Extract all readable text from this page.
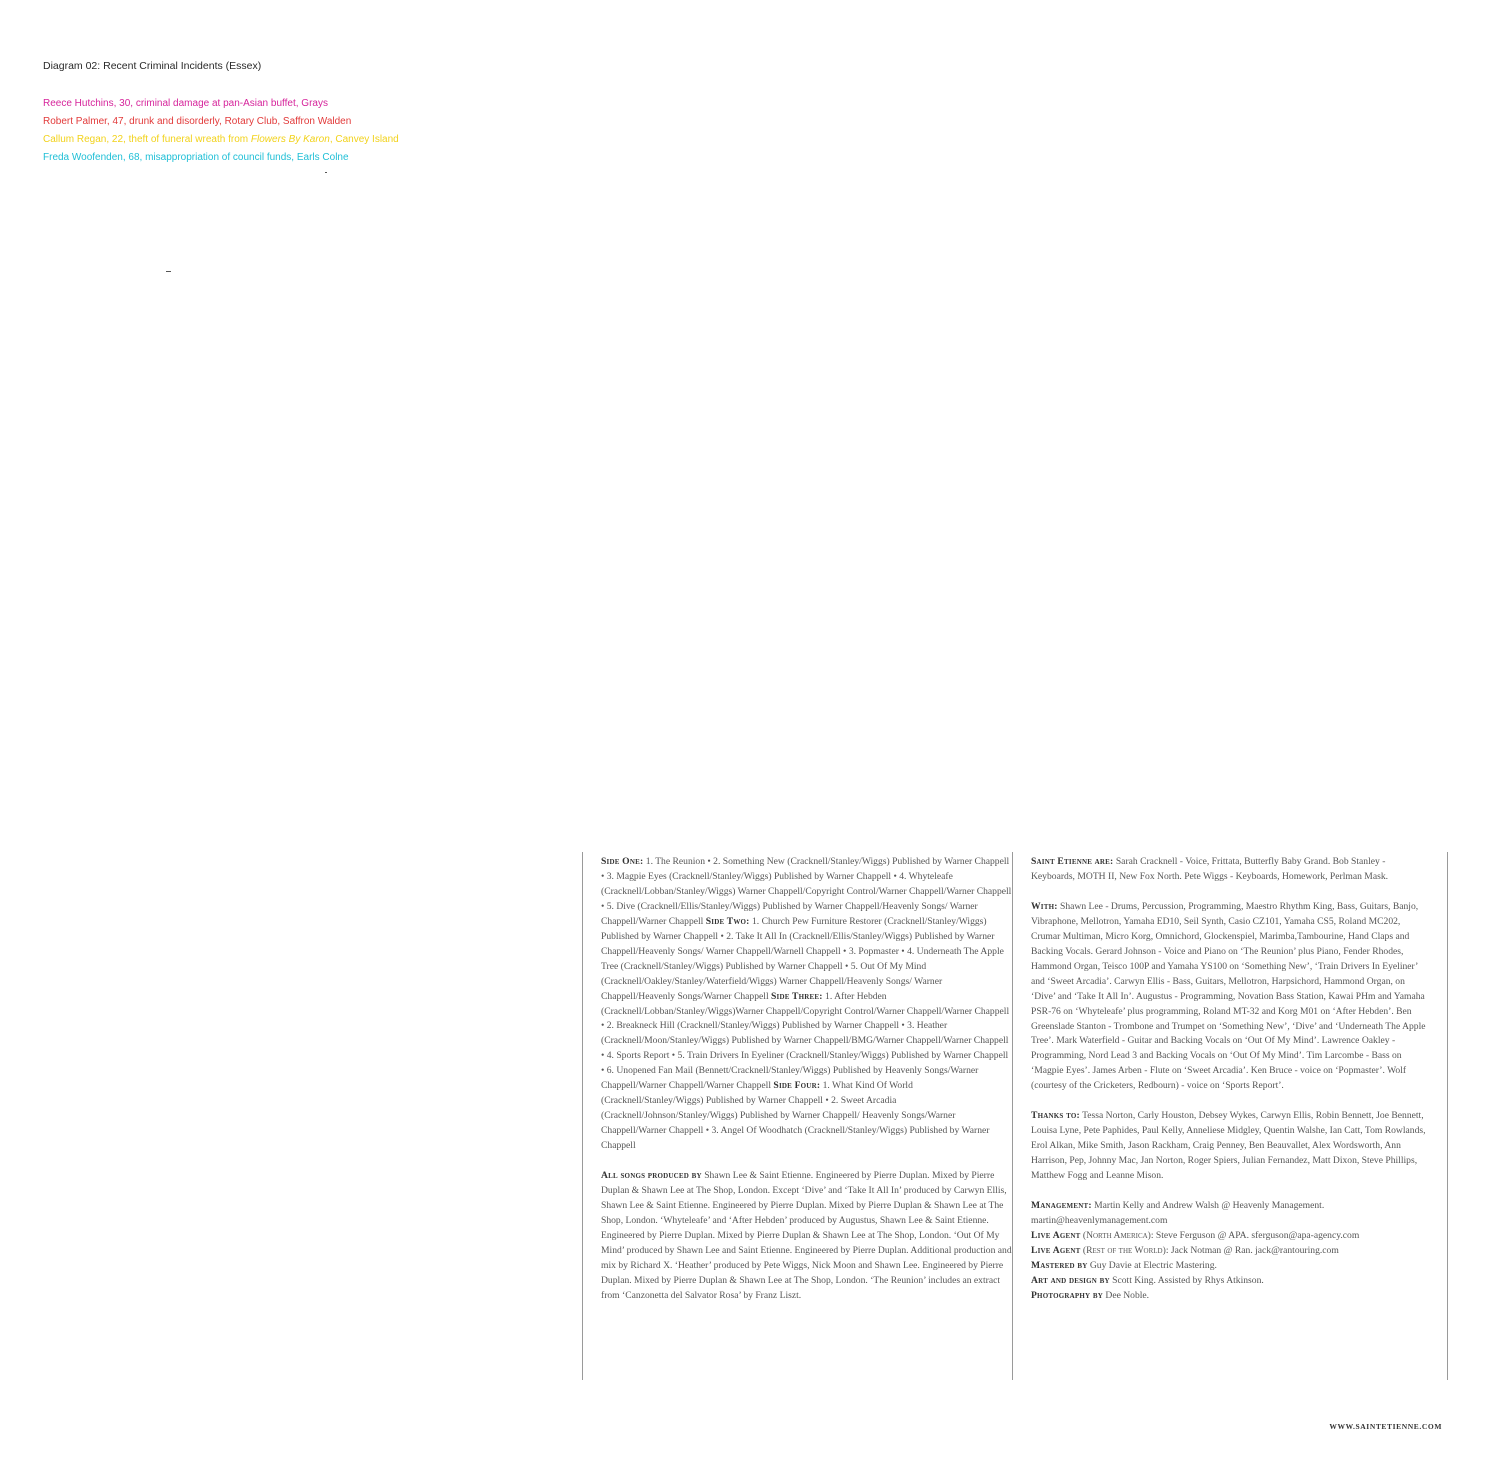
Diagram 02: Recent Criminal Incidents (Essex)

Reece Hutchins, 30, criminal damage at pan-Asian buffet, Grays

Robert Palmer, 47, drunk and disorderly, Rotary Club, Saffron Walden

Callum Regan, 22, theft of funeral wreath from Flowers By Karon, Canvey Island

Freda Woofenden, 68, misappropriation of council funds, Earls Colne

Side One: 1. The Reunion • 2. Something New (Cracknell/Stanley/Wiggs) Published by Warner Chappell • 3. Magpie Eyes (Cracknell/Stanley/Wiggs) Published by Warner Chappell • 4. Whyteleafe (Cracknell/Lobban/Stanley/Wiggs) Warner Chappell/Copyright Control/Warner Chappell/Warner Chappell • 5. Dive (Cracknell/Ellis/Stanley/Wiggs) Published by Warner Chappell/Heavenly Songs/ Warner Chappell/Warner Chappell Side Two: 1. Church Pew Furniture Restorer (Cracknell/Stanley/Wiggs) Published by Warner Chappell • 2. Take It All In (Cracknell/Ellis/Stanley/Wiggs) Published by Warner Chappell/Heavenly Songs/ Warner Chappell/Warnell Chappell • 3. Popmaster • 4. Underneath The Apple Tree (Cracknell/Stanley/Wiggs) Published by Warner Chappell • 5. Out Of My Mind (Cracknell/Oakley/Stanley/Waterfield/Wiggs) Warner Chappell/Heavenly Songs/ Warner Chappell/Heavenly Songs/Warner Chappell Side Three: 1. After Hebden (Cracknell/Lobban/Stanley/Wiggs)Warner Chappell/Copyright Control/Warner Chappell/Warner Chappell • 2. Breakneck Hill (Cracknell/Stanley/Wiggs) Published by Warner Chappell • 3. Heather (Cracknell/Moon/Stanley/Wiggs) Published by Warner Chappell/BMG/Warner Chappell/Warner Chappell • 4. Sports Report • 5. Train Drivers In Eyeliner (Cracknell/Stanley/Wiggs) Published by Warner Chappell • 6. Unopened Fan Mail (Bennett/Cracknell/Stanley/Wiggs) Published by Heavenly Songs/Warner Chappell/Warner Chappell/Warner Chappell Side Four: 1. What Kind Of World (Cracknell/Stanley/Wiggs) Published by Warner Chappell • 2. Sweet Arcadia (Cracknell/Johnson/Stanley/Wiggs) Published by Warner Chappell/ Heavenly Songs/Warner Chappell/Warner Chappell • 3. Angel Of Woodhatch (Cracknell/Stanley/Wiggs) Published by Warner Chappell

All songs produced by Shawn Lee & Saint Etienne. Engineered by Pierre Duplan. Mixed by Pierre Duplan & Shawn Lee at The Shop, London. Except ‘Dive’ and ‘Take It All In’ produced by Carwyn Ellis, Shawn Lee & Saint Etienne. Engineered by Pierre Duplan. Mixed by Pierre Duplan & Shawn Lee at The Shop, London. ‘Whyteleafe’ and ‘After Hebden’ produced by Augustus, Shawn Lee & Saint Etienne. Engineered by Pierre Duplan. Mixed by Pierre Duplan & Shawn Lee at The Shop, London. ‘Out Of My Mind’ produced by Shawn Lee and Saint Etienne. Engineered by Pierre Duplan. Additional production and mix by Richard X. ‘Heather’ produced by Pete Wiggs, Nick Moon and Shawn Lee. Engineered by Pierre Duplan. Mixed by Pierre Duplan & Shawn Lee at The Shop, London. ‘The Reunion’ includes an extract from ‘Canzonetta del Salvator Rosa’ by Franz Liszt.

Saint Etienne are: Sarah Cracknell - Voice, Frittata, Butterfly Baby Grand. Bob Stanley - Keyboards, MOTH II, New Fox North. Pete Wiggs - Keyboards, Homework, Perlman Mask.

With: Shawn Lee - Drums, Percussion, Programming, Maestro Rhythm King, Bass, Guitars, Banjo, Vibraphone, Mellotron, Yamaha ED10, Seil Synth, Casio CZ101, Yamaha CS5, Roland MC202, Crumar Multiman, Micro Korg, Omnichord, Glockenspiel, Marimba,Tambourine, Hand Claps and Backing Vocals. Gerard Johnson - Voice and Piano on ‘The Reunion’ plus Piano, Fender Rhodes, Hammond Organ, Teisco 100P and Yamaha YS100 on ‘Something New’, ‘Train Drivers In Eyeliner’ and ‘Sweet Arcadia’. Carwyn Ellis - Bass, Guitars, Mellotron, Harpsichord, Hammond Organ, on ‘Dive’ and ‘Take It All In’. Augustus - Programming, Novation Bass Station, Kawai PHm and Yamaha PSR-76 on ‘Whyteleafe’ plus programming, Roland MT-32 and Korg M01 on ‘After Hebden’. Ben Greenslade Stanton - Trombone and Trumpet on ‘Something New’, ‘Dive’ and ‘Underneath The Apple Tree’. Mark Waterfield - Guitar and Backing Vocals on ‘Out Of My Mind’. Lawrence Oakley - Programming, Nord Lead 3 and Backing Vocals on ‘Out Of My Mind’. Tim Larcombe - Bass on ‘Magpie Eyes’. James Arben - Flute on ‘Sweet Arcadia’. Ken Bruce - voice on ‘Popmaster’. Wolf (courtesy of the Cricketers, Redbourn) - voice on ‘Sports Report’.

Thanks to: Tessa Norton, Carly Houston, Debsey Wykes, Carwyn Ellis, Robin Bennett, Joe Bennett, Louisa Lyne, Pete Paphides, Paul Kelly, Anneliese Midgley, Quentin Walshe, Ian Catt, Tom Rowlands, Erol Alkan, Mike Smith, Jason Rackham, Craig Penney, Ben Beauvallet, Alex Wordsworth, Ann Harrison, Pep, Johnny Mac, Jan Norton, Roger Spiers, Julian Fernandez, Matt Dixon, Steve Phillips, Matthew Fogg and Leanne Mison.

Management: Martin Kelly and Andrew Walsh @ Heavenly Management. martin@heavenlymanagement.com

Live Agent (North America): Steve Ferguson @ APA. sferguson@apa-agency.com

Live Agent (Rest of the World): Jack Notman @ Ran. jack@rantouring.com

Mastered by Guy Davie at Electric Mastering.

Art and design by Scott King. Assisted by Rhys Atkinson.

Photography by Dee Noble.

WWW.SAINTETIENNE.COM
